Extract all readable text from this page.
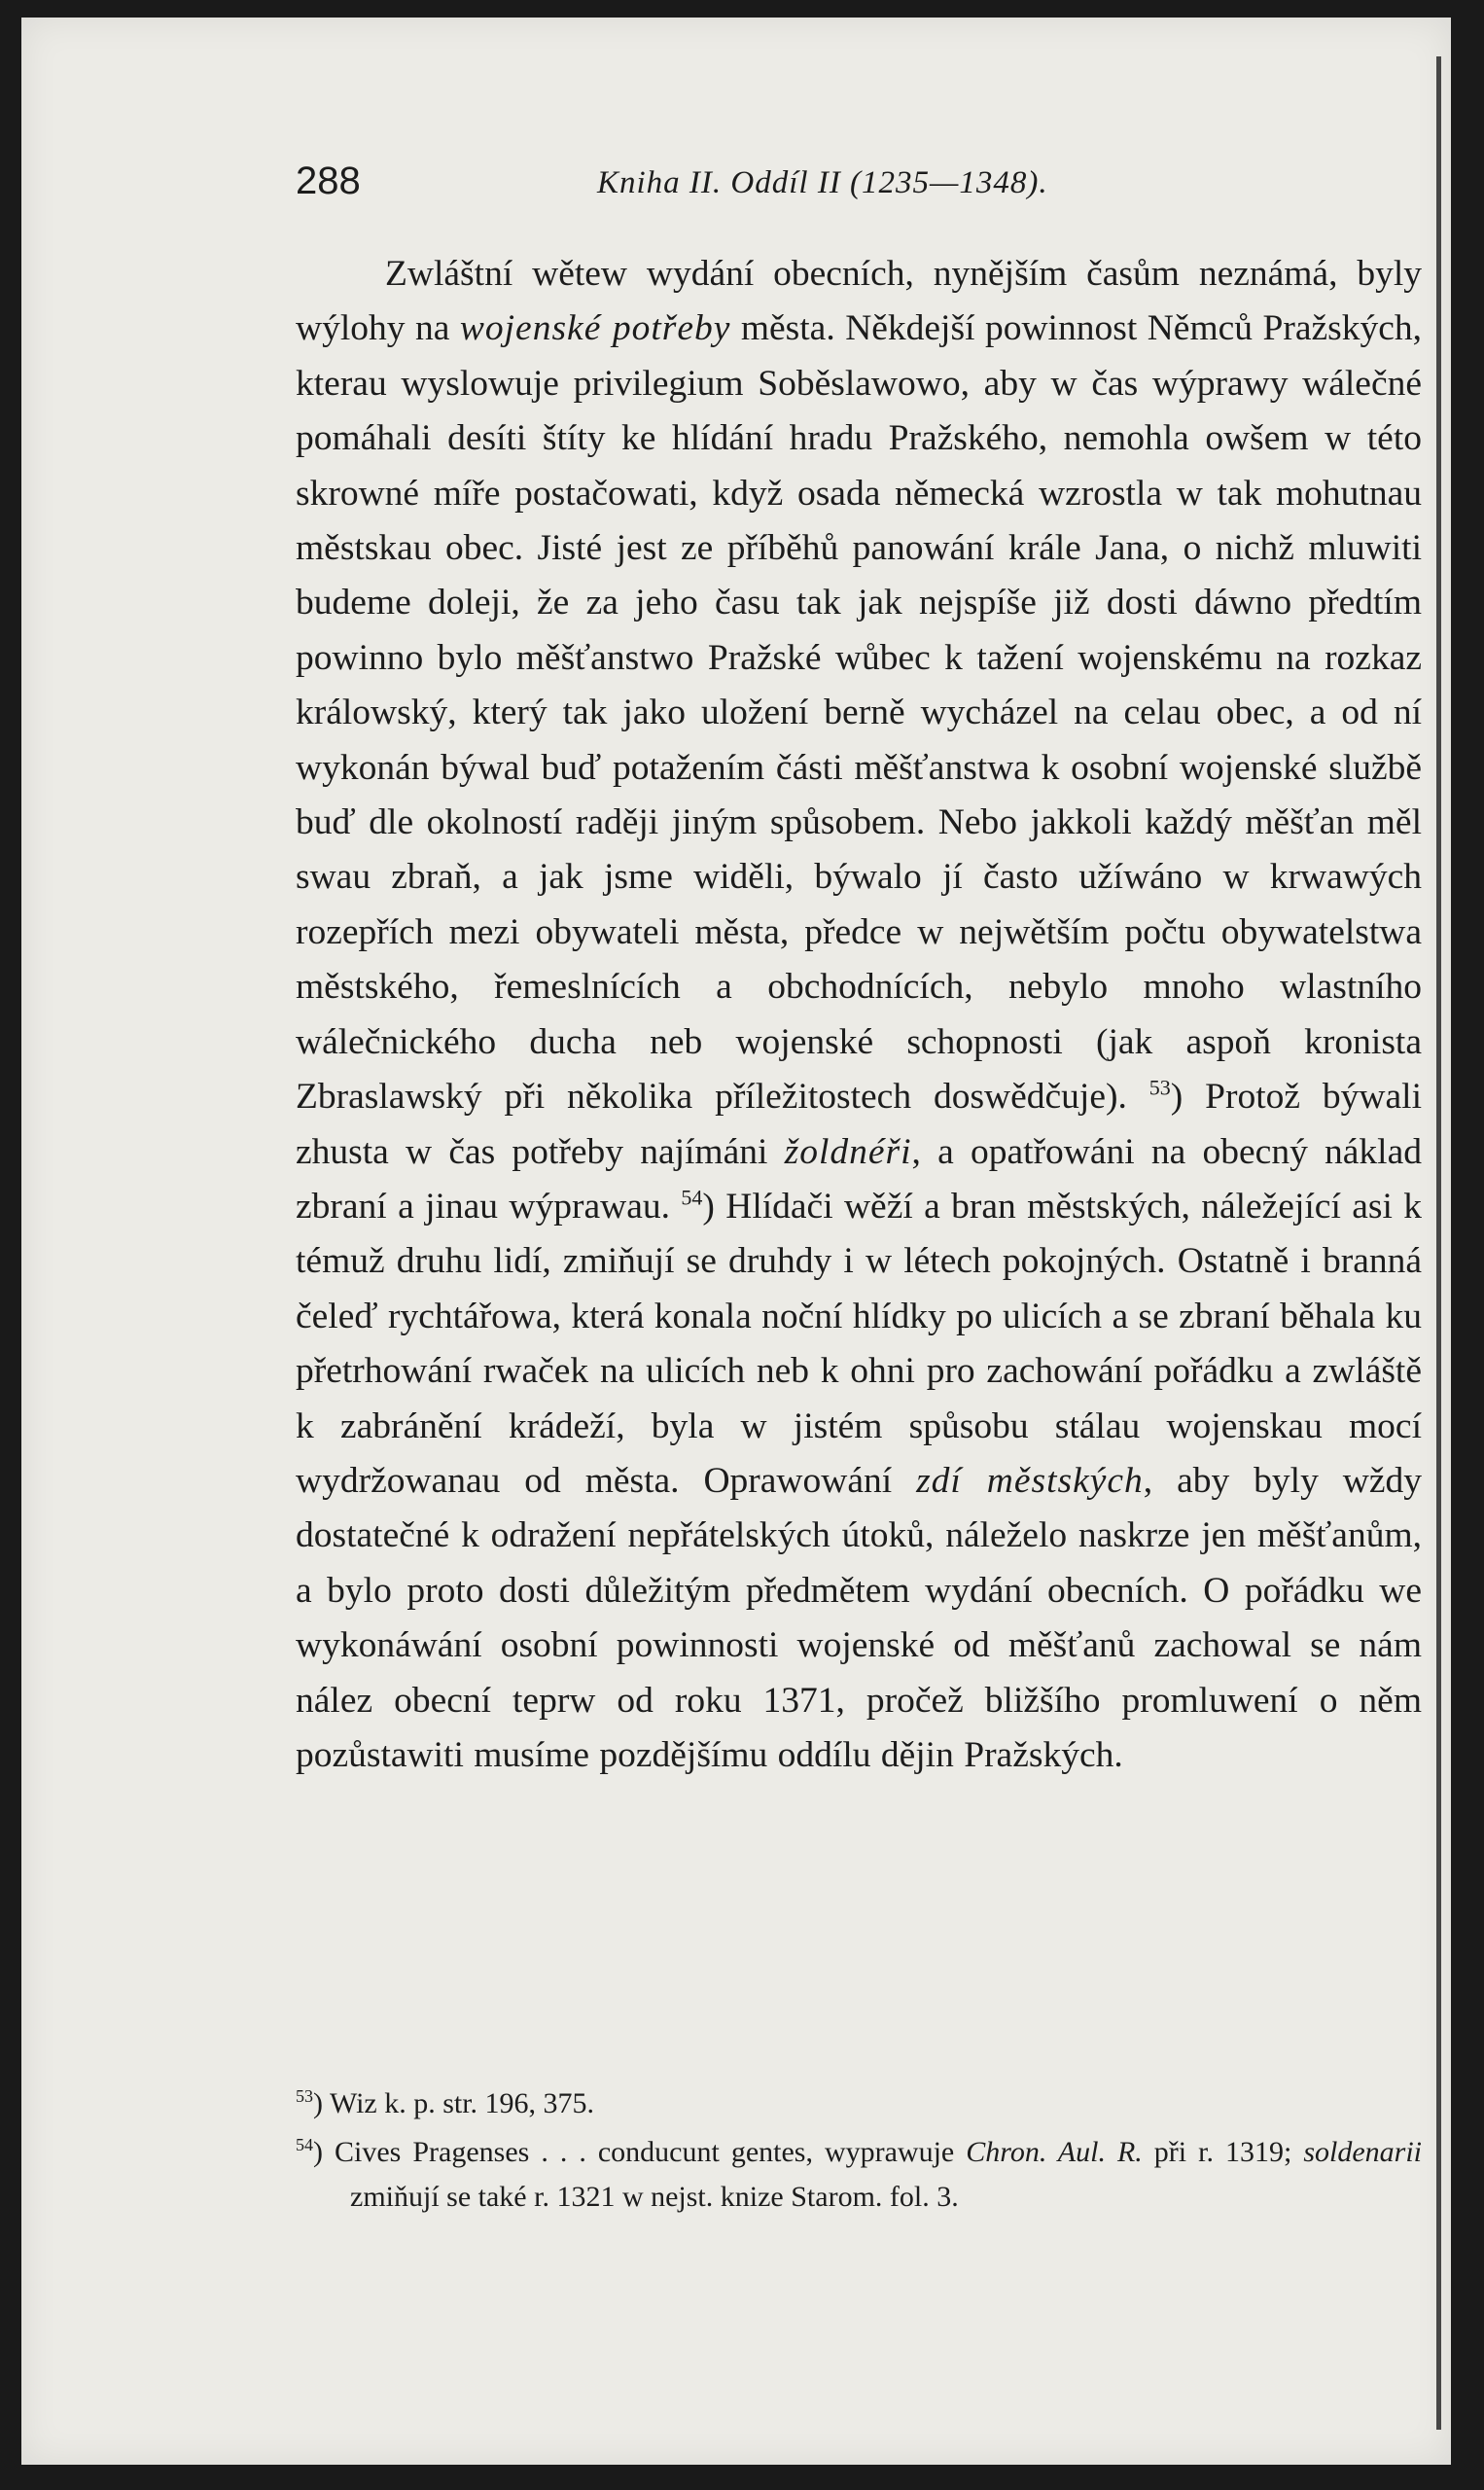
288	Kniha II. Oddíl II (1235—1348).

Zwláštní wětew wydání obecních, nynějším časům neznámá, byly wýlohy na wojenské potřeby města. Někdejší powinnost Němců Pražských, kterau wyslowuje privilegium Soběslawowo, aby w čas wýprawy wálečné pomáhali desíti štíty ke hlídání hradu Pražského, nemohla owšem w této skrowné míře postačowati, když osada německá wzrostla w tak mohutnau městskau obec. Jisté jest ze příběhů panowání krále Jana, o nichž mluwiti budeme doleji, že za jeho času tak jak nejspíše již dosti dáwno předtím powinno bylo měšťanstwo Pražské wůbec k tažení wojenskému na rozkaz králowský, který tak jako uložení berně wycházel na celau obec, a od ní wykonán býwal buď potažením části měšťanstwa k osobní wojenské službě buď dle okolností raději jiným spůsobem. Nebo jakkoli každý měšťan měl swau zbraň, a jak jsme widěli, býwalo jí často užíwáno w krwawých rozepřích mezi obywateli města, předce w nejwětším počtu obywatelstwa městského, řemeslnících a obchodnících, nebylo mnoho wlastního wálečnického ducha neb wojenské schopnosti (jak aspoň kronista Zbraslawský při několika příležitostech doswědčuje). $^{53}$) Protož býwali zhusta w čas potřeby najímáni žoldnéři, a opatřowáni na obecný náklad zbraní a jinau wýprawau. $^{54}$) Hlídači wěží a bran městských, náležející asi k témuž druhu lidí, zmiňují se druhdy i w létech pokojných. Ostatně i branná čeleď rychtářowa, která konala noční hlídky po ulicích a se zbraní běhala ku přetrhowání rwaček na ulicích neb k ohni pro zachowání pořádku a zwláště k zabránění krádeží, byla w jistém spůsobu stálau wojenskau mocí wydržowanau od města. Oprawowání zdí městských, aby byly wždy dostatečné k odražení nepřátelských útoků, náleželo naskrze jen měšťanům, a bylo proto dosti důležitým předmětem wydání obecních. O pořádku we wykonáwání osobní powinnosti wojenské od měšťanů zachowal se nám nález obecní teprw od roku 1371, pročež bližšího promluwení o něm pozůstawiti musíme pozdějšímu oddílu dějin Pražských.

$^{53}$) Wiz k. p. str. 196, 375.

$^{54}$) Cives Pragenses . . . conducunt gentes, wyprawuje Chron. Aul. R. při r. 1319; soldenarii zmiňují se také r. 1321 w nejst. knize Starom. fol. 3.
